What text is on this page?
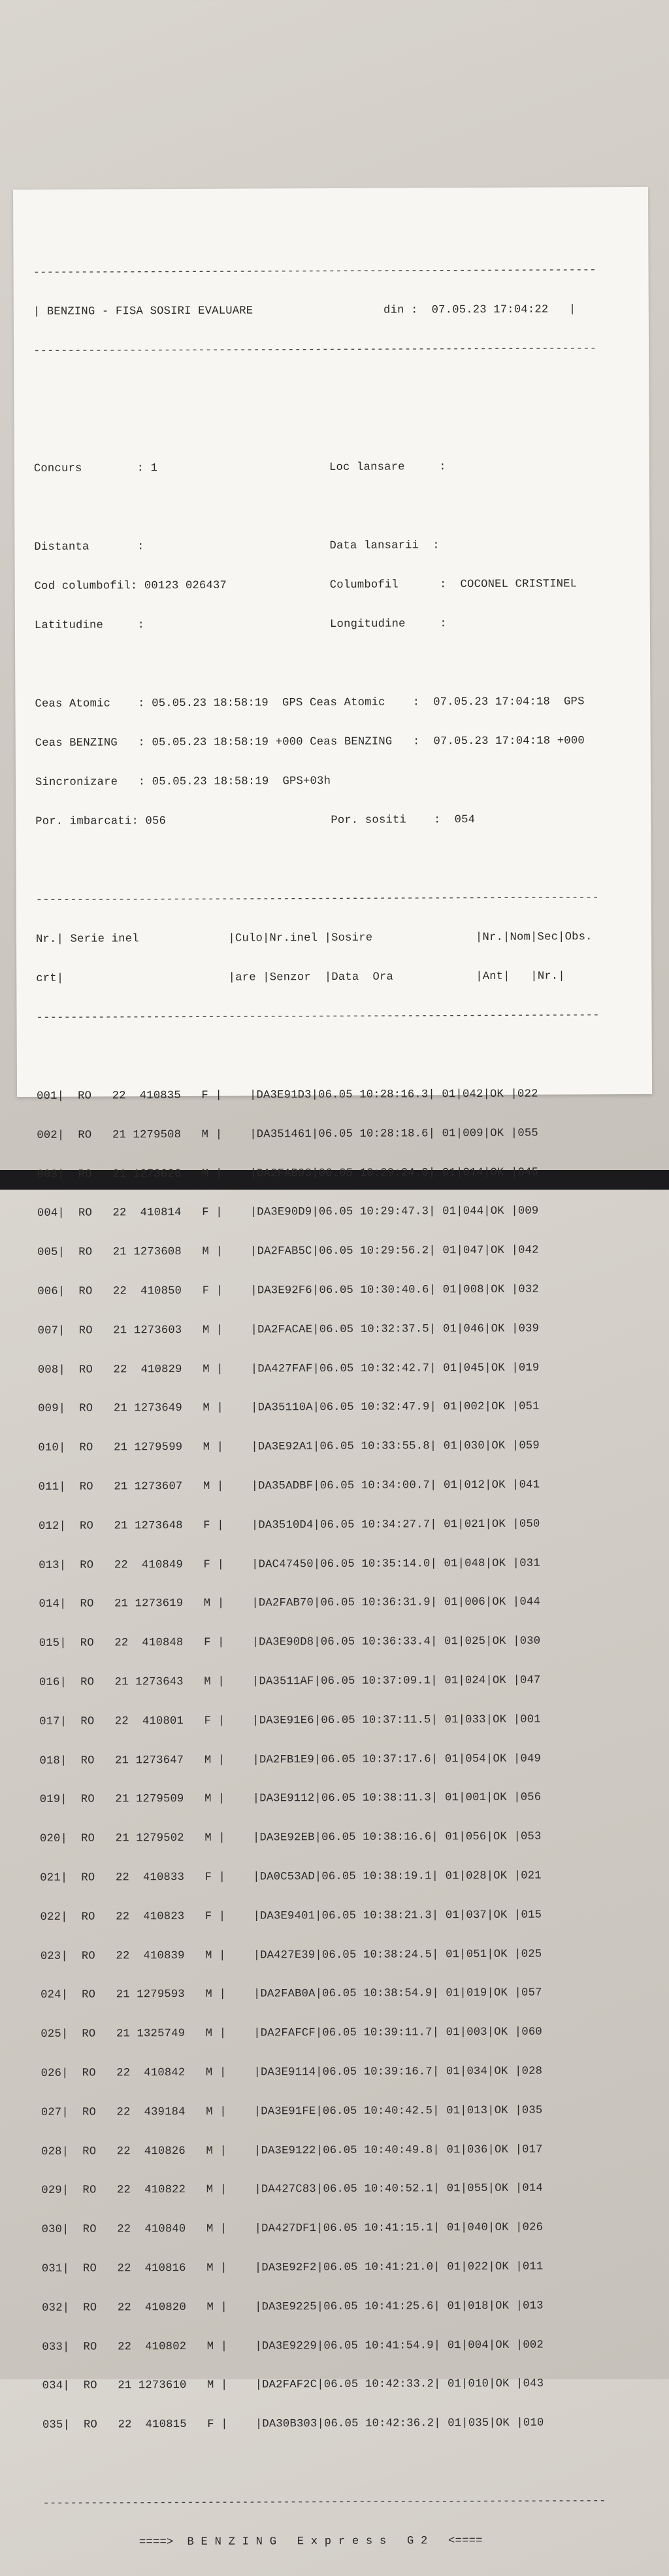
----------------------------------------------------------------------------------

| BENZING - FISA SOSIRI EVALUARE                   din :  07.05.23 17:04:22   |

----------------------------------------------------------------------------------

Concurs        : 1                         Loc lansare     :

Distanta       :                           Data lansarii  :

Cod columbofil: 00123 026437               Columbofil      :  COCONEL CRISTINEL

Latitudine     :                           Longitudine     :

Ceas Atomic    : 05.05.23 18:58:19  GPS Ceas Atomic    :  07.05.23 17:04:18  GPS

Ceas BENZING   : 05.05.23 18:58:19 +000 Ceas BENZING   :  07.05.23 17:04:18 +000

Sincronizare   : 05.05.23 18:58:19  GPS+03h

Por. imbarcati: 056                        Por. sositi    :  054

----------------------------------------------------------------------------------

Nr.| Serie inel             |Culo|Nr.inel |Sosire               |Nr.|Nom|Sec|Obs.

crt|                        |are |Senzor  |Data  Ora            |Ant|   |Nr.|

----------------------------------------------------------------------------------

001|  RO   22  410835   F |    |DA3E91D3|06.05 10:28:16.3| 01|042|OK |022

002|  RO   21 1279508   M |    |DA351461|06.05 10:28:18.6| 01|009|OK |055

003|  RO   21 1273626   M |    |DA2FAB93|06.05 10:29:24.0| 01|014|OK |045

004|  RO   22  410814   F |    |DA3E90D9|06.05 10:29:47.3| 01|044|OK |009

005|  RO   21 1273608   M |    |DA2FAB5C|06.05 10:29:56.2| 01|047|OK |042

006|  RO   22  410850   F |    |DA3E92F6|06.05 10:30:40.6| 01|008|OK |032

007|  RO   21 1273603   M |    |DA2FACAE|06.05 10:32:37.5| 01|046|OK |039

008|  RO   22  410829   M |    |DA427FAF|06.05 10:32:42.7| 01|045|OK |019

009|  RO   21 1273649   M |    |DA35110A|06.05 10:32:47.9| 01|002|OK |051

010|  RO   21 1279599   M |    |DA3E92A1|06.05 10:33:55.8| 01|030|OK |059

011|  RO   21 1273607   M |    |DA35ADBF|06.05 10:34:00.7| 01|012|OK |041

012|  RO   21 1273648   F |    |DA3510D4|06.05 10:34:27.7| 01|021|OK |050

013|  RO   22  410849   F |    |DAC47450|06.05 10:35:14.0| 01|048|OK |031

014|  RO   21 1273619   M |    |DA2FAB70|06.05 10:36:31.9| 01|006|OK |044

015|  RO   22  410848   F |    |DA3E90D8|06.05 10:36:33.4| 01|025|OK |030

016|  RO   21 1273643   M |    |DA3511AF|06.05 10:37:09.1| 01|024|OK |047

017|  RO   22  410801   F |    |DA3E91E6|06.05 10:37:11.5| 01|033|OK |001

018|  RO   21 1273647   M |    |DA2FB1E9|06.05 10:37:17.6| 01|054|OK |049

019|  RO   21 1279509   M |    |DA3E9112|06.05 10:38:11.3| 01|001|OK |056

020|  RO   21 1279502   M |    |DA3E92EB|06.05 10:38:16.6| 01|056|OK |053

021|  RO   22  410833   F |    |DA0C53AD|06.05 10:38:19.1| 01|028|OK |021

022|  RO   22  410823   F |    |DA3E9401|06.05 10:38:21.3| 01|037|OK |015

023|  RO   22  410839   M |    |DA427E39|06.05 10:38:24.5| 01|051|OK |025

024|  RO   21 1279593   M |    |DA2FAB0A|06.05 10:38:54.9| 01|019|OK |057

025|  RO   21 1325749   M |    |DA2FAFCF|06.05 10:39:11.7| 01|003|OK |060

026|  RO   22  410842   M |    |DA3E9114|06.05 10:39:16.7| 01|034|OK |028

027|  RO   22  439184   M |    |DA3E91FE|06.05 10:40:42.5| 01|013|OK |035

028|  RO   22  410826   M |    |DA3E9122|06.05 10:40:49.8| 01|036|OK |017

029|  RO   22  410822   M |    |DA427C83|06.05 10:40:52.1| 01|055|OK |014

030|  RO   22  410840   M |    |DA427DF1|06.05 10:41:15.1| 01|040|OK |026

031|  RO   22  410816   M |    |DA3E92F2|06.05 10:41:21.0| 01|022|OK |011

032|  RO   22  410820   M |    |DA3E9225|06.05 10:41:25.6| 01|018|OK |013

033|  RO   22  410802   M |    |DA3E9229|06.05 10:41:54.9| 01|004|OK |002

034|  RO   21 1273610   M |    |DA2FAF2C|06.05 10:42:33.2| 01|010|OK |043

035|  RO   22  410815   F |    |DA30B303|06.05 10:42:36.2| 01|035|OK |010

----------------------------------------------------------------------------------

====>  B E N Z I N G   E x p r e s s   G 2   <====
